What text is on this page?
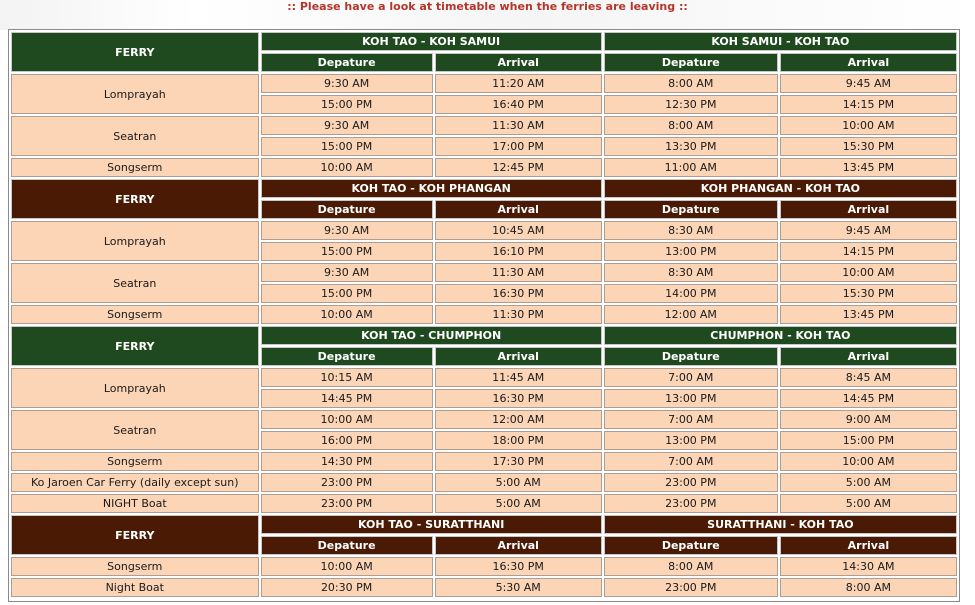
:: Please have a look at timetable when the ferries are leaving ::
FERRY	KOH TAO - KOH SAMUI		KOH SAMUI - KOH TAO	
	Depature	Arrival	Depature	Arrival
Lomprayah	9:30 AM	11:20 AM	8:00 AM	9:45 AM
	15:00 PM	16:40 PM	12:30 PM	14:15 PM
Seatran	9:30 AM	11:30 AM	8:00 AM	10:00 AM
	15:00 PM	17:00 PM	13:30 PM	15:30 PM
Songserm	10:00 AM	12:45 PM	11:00 AM	13:45 PM
FERRY	KOH TAO - KOH PHANGAN		KOH PHANGAN - KOH TAO	
	Depature	Arrival	Depature	Arrival
Lomprayah	9:30 AM	10:45 AM	8:30 AM	9:45 AM
	15:00 PM	16:10 PM	13:00 PM	14:15 PM
Seatran	9:30 AM	11:30 AM	8:30 AM	10:00 AM
	15:00 PM	16:30 PM	14:00 PM	15:30 PM
Songserm	10:00 AM	11:30 PM	12:00 AM	13:45 PM
FERRY	KOH TAO - CHUMPHON		CHUMPHON - KOH TAO	
	Depature	Arrival	Depature	Arrival
Lomprayah	10:15 AM	11:45 AM	7:00 AM	8:45 AM
	14:45 PM	16:30 PM	13:00 PM	14:45 PM
Seatran	10:00 AM	12:00 AM	7:00 AM	9:00 AM
	16:00 PM	18:00 PM	13:00 PM	15:00 PM
Songserm	14:30 PM	17:30 PM	7:00 AM	10:00 AM
Ko Jaroen Car Ferry (daily except sun)	23:00 PM	5:00 AM	23:00 PM	5:00 AM
NIGHT Boat	23:00 PM	5:00 AM	23:00 PM	5:00 AM
FERRY	KOH TAO - SURATTHANI		SURATTHANI - KOH TAO	
	Depature	Arrival	Depature	Arrival
Songserm	10:00 AM	16:30 PM	8:00 AM	14:30 AM
Night Boat	20:30 PM	5:30 AM	23:00 PM	8:00 AM
